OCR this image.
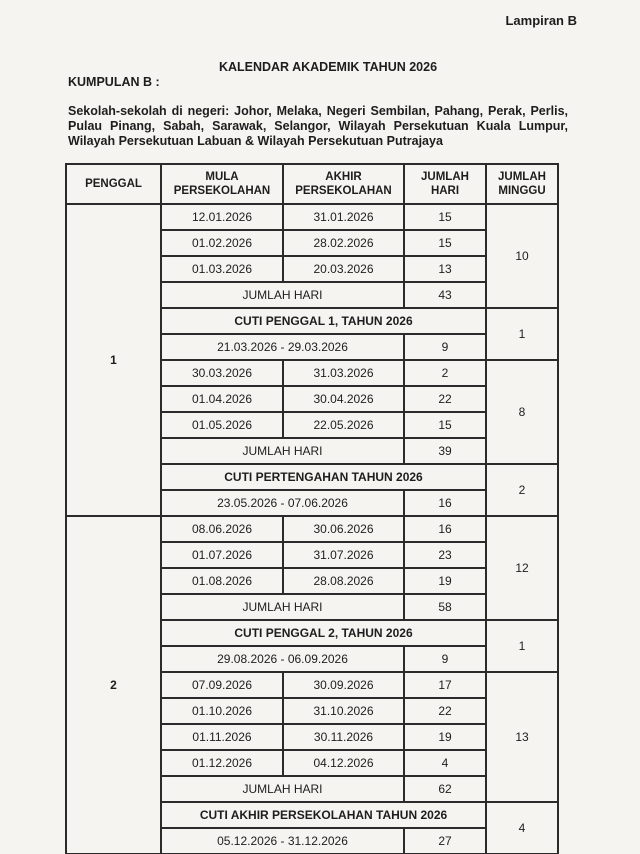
Lampiran B
KALENDAR AKADEMIK TAHUN 2026
KUMPULAN B :
Sekolah-sekolah di negeri: Johor, Melaka, Negeri Sembilan, Pahang, Perak, Perlis, Pulau Pinang, Sabah, Sarawak, Selangor, Wilayah Persekutuan Kuala Lumpur, Wilayah Persekutuan Labuan & Wilayah Persekutuan Putrajaya
PENGGAL	MULA PERSEKOLAHAN	AKHIR PERSEKOLAHAN	JUMLAH HARI	JUMLAH MINGGU
1	12.01.2026	31.01.2026	15	10
	01.02.2026	28.02.2026	15	
	01.03.2026	20.03.2026	13	
	JUMLAH HARI		43	
	CUTI PENGGAL 1, TAHUN 2026			1
	21.03.2026 - 29.03.2026		9	
	30.03.2026	31.03.2026	2	8
	01.04.2026	30.04.2026	22	
	01.05.2026	22.05.2026	15	
	JUMLAH HARI		39	
	CUTI PERTENGAHAN TAHUN 2026			2
	23.05.2026 - 07.06.2026		16	
2	08.06.2026	30.06.2026	16	12
	01.07.2026	31.07.2026	23	
	01.08.2026	28.08.2026	19	
	JUMLAH HARI		58	
	CUTI PENGGAL 2, TAHUN 2026			1
	29.08.2026 - 06.09.2026		9	
	07.09.2026	30.09.2026	17	13
	01.10.2026	31.10.2026	22	
	01.11.2026	30.11.2026	19	
	01.12.2026	04.12.2026	4	
	JUMLAH HARI		62	
	CUTI AKHIR PERSEKOLAHAN TAHUN 2026			4
	05.12.2026 - 31.12.2026		27	
